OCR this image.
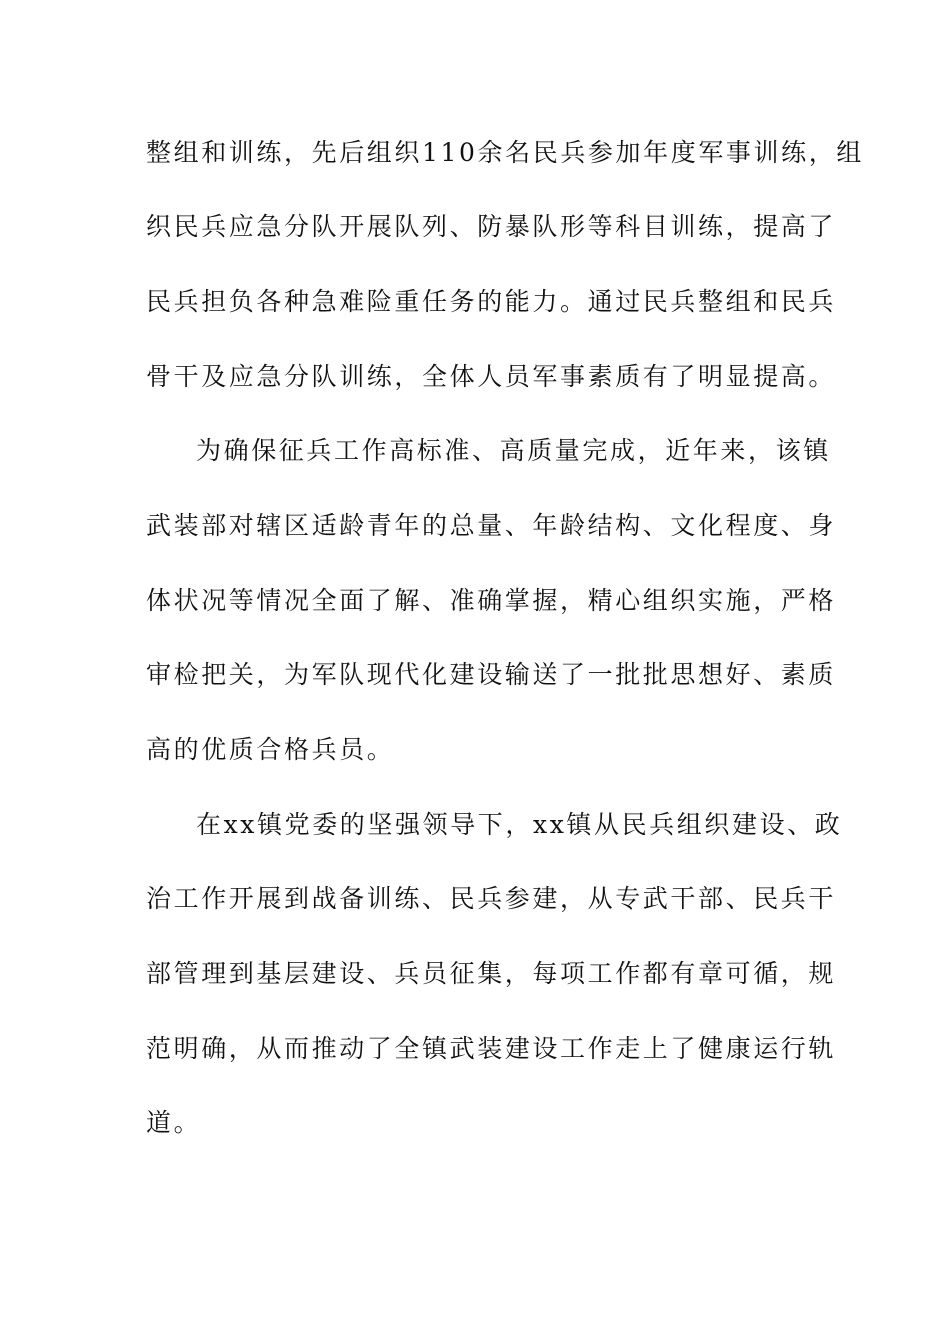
整组和训练，先后组织110余名民兵参加年度军事训练，组
织民兵应急分队开展队列、防暴队形等科目训练，提高了
民兵担负各种急难险重任务的能力。通过民兵整组和民兵
骨干及应急分队训练，全体人员军事素质有了明显提高。
为确保征兵工作高标准、高质量完成，近年来，该镇
武装部对辖区适龄青年的总量、年龄结构、文化程度、身
体状况等情况全面了解、准确掌握，精心组织实施，严格
审检把关，为军队现代化建设输送了一批批思想好、素质
高的优质合格兵员。
在xx镇党委的坚强领导下，xx镇从民兵组织建设、政
治工作开展到战备训练、民兵参建，从专武干部、民兵干
部管理到基层建设、兵员征集，每项工作都有章可循，规
范明确，从而推动了全镇武装建设工作走上了健康运行轨
道。
